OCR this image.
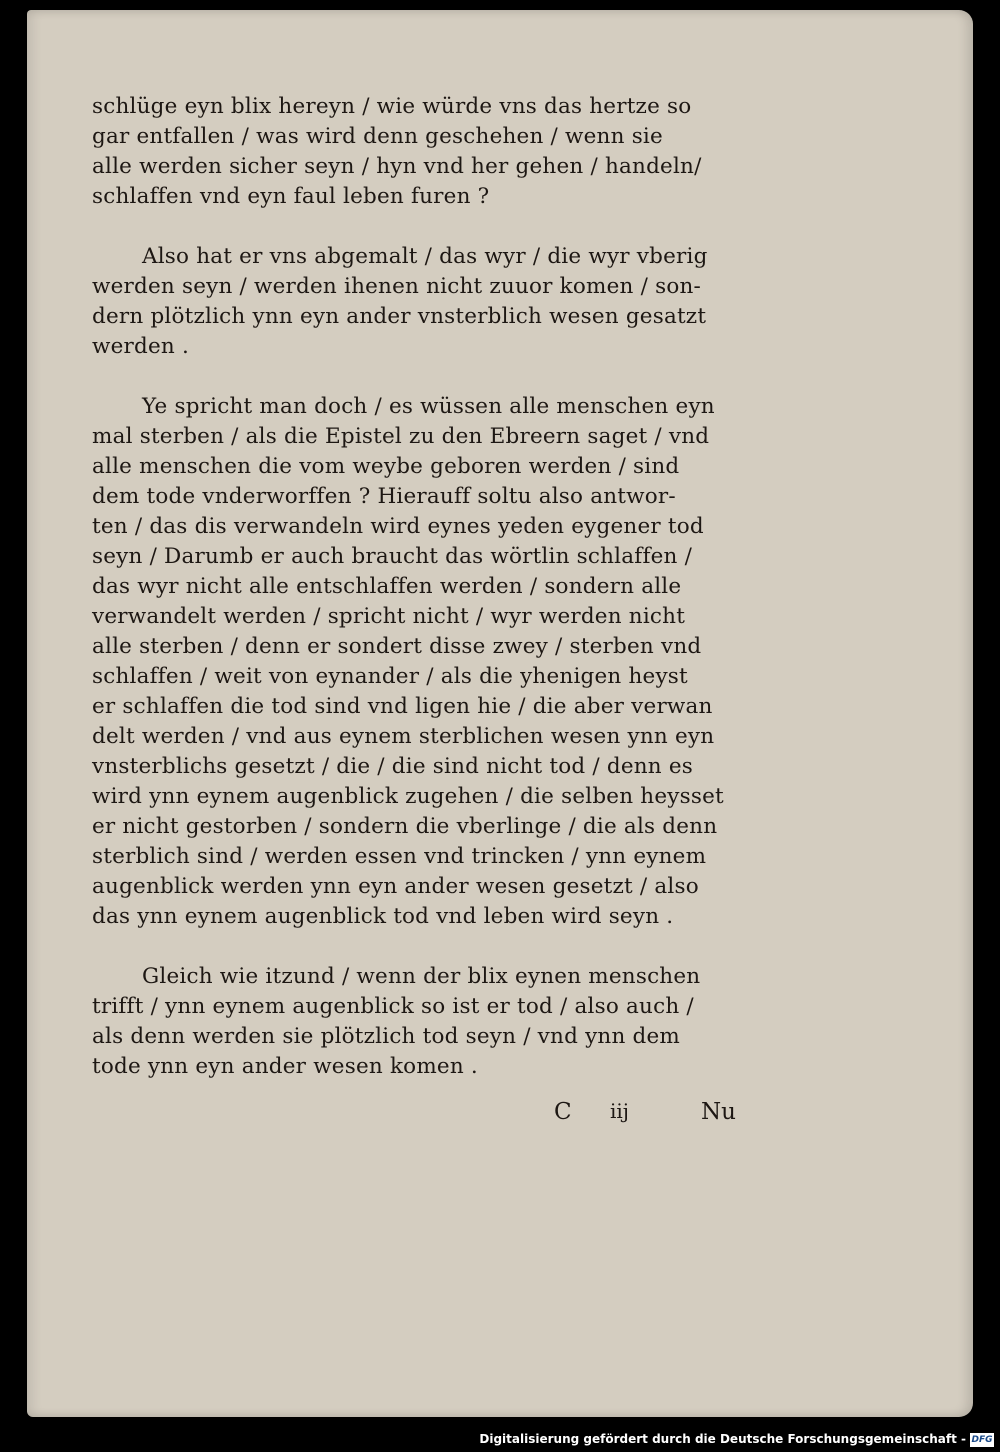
schlüge eyn blix hereyn / wie würde vns das hertze so
gar entfallen / was wird denn geschehen / wenn sie
alle werden sicher seyn / hyn vnd her gehen / handeln/
schlaffen vnd eyn faul leben furen ?

Also hat er vns abgemalt / das wyr / die wyr vberig
werden seyn / werden ihenen nicht zuuor komen / son-
dern plötzlich ynn eyn ander vnsterblich wesen gesatzt
werden .

Ye spricht man doch / es wüssen alle menschen eyn
mal sterben / als die Epistel zu den Ebreern saget / vnd
alle menschen die vom weybe geboren werden / sind
dem tode vnderworffen ? Hierauff soltu also antwor-
ten / das dis verwandeln wird eynes yeden eygener tod
seyn / Darumb er auch braucht das wörtlin schlaffen /
das wyr nicht alle entschlaffen werden / sondern alle
verwandelt werden / spricht nicht / wyr werden nicht
alle sterben / denn er sondert disse zwey / sterben vnd
schlaffen / weit von eynander / als die yhenigen heyst
er schlaffen die tod sind vnd ligen hie / die aber verwan
delt werden / vnd aus eynem sterblichen wesen ynn eyn
vnsterblichs gesetzt / die / die sind nicht tod / denn es
wird ynn eynem augenblick zugehen / die selben heysset
er nicht gestorben / sondern die vberlinge / die als denn
sterblich sind / werden essen vnd trincken / ynn eynem
augenblick werden ynn eyn ander wesen gesetzt / also
das ynn eynem augenblick tod vnd leben wird seyn .

Gleich wie itzund / wenn der blix eynen menschen
trifft / ynn eynem augenblick so ist er tod / also auch /
als denn werden sie plötzlich tod seyn / vnd ynn dem
tode ynn eyn ander wesen komen .

C iij	Nu
Digitalisierung gefördert durch die Deutsche Forschungsgemeinschaft - DFG
